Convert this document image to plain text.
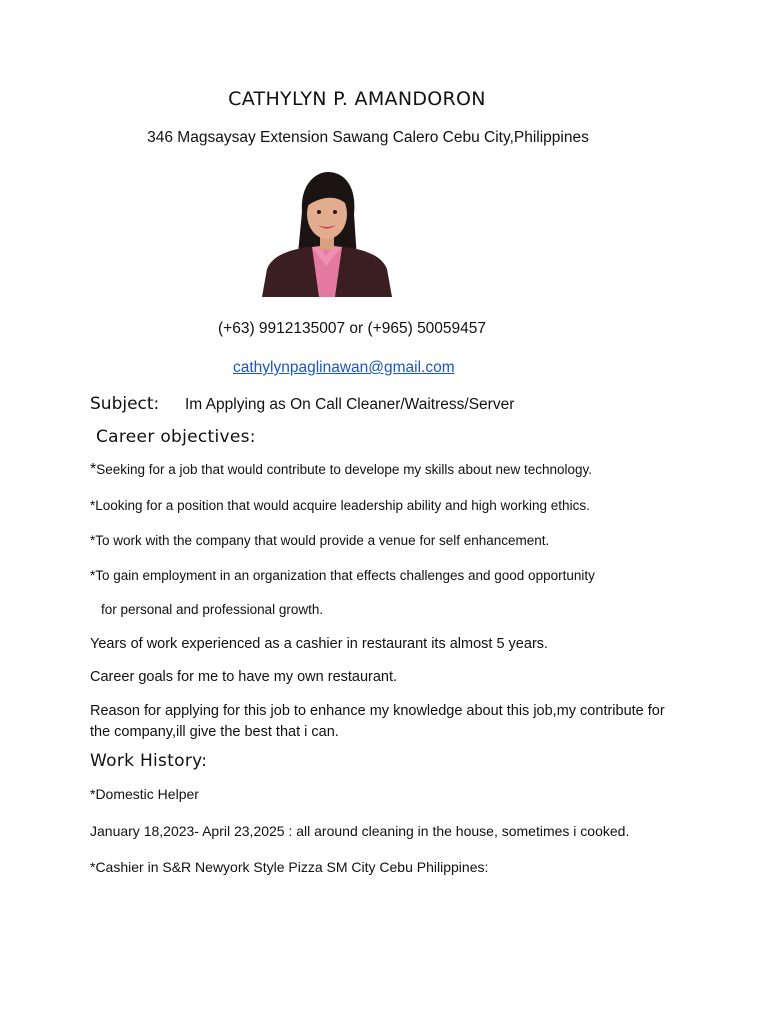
CATHYLYN P. AMANDORON

346 Magsaysay Extension Sawang Calero Cebu City,Philippines

(+63) 9912135007 or (+965) 50059457

cathylynpaglinawan@gmail.com

Subject: Im Applying as On Call Cleaner/Waitress/Server

Career objectives:

*Seeking for a job that would contribute to develope my skills about new technology.

*Looking for a position that would acquire leadership ability and high working ethics.

*To work with the company that would provide a venue for self enhancement.

*To gain employment in an organization that effects challenges and good opportunity

for personal and professional growth.

Years of work experienced as a cashier in restaurant its almost 5 years.

Career goals for me to have my own restaurant.

Reason for applying for this job to enhance my knowledge about this job,my contribute for the company,ill give the best that i can.

Work History:

*Domestic Helper

January 18,2023- April 23,2025 : all around cleaning in the house, sometimes i cooked.

*Cashier in S&R Newyork Style Pizza SM City Cebu Philippines:
